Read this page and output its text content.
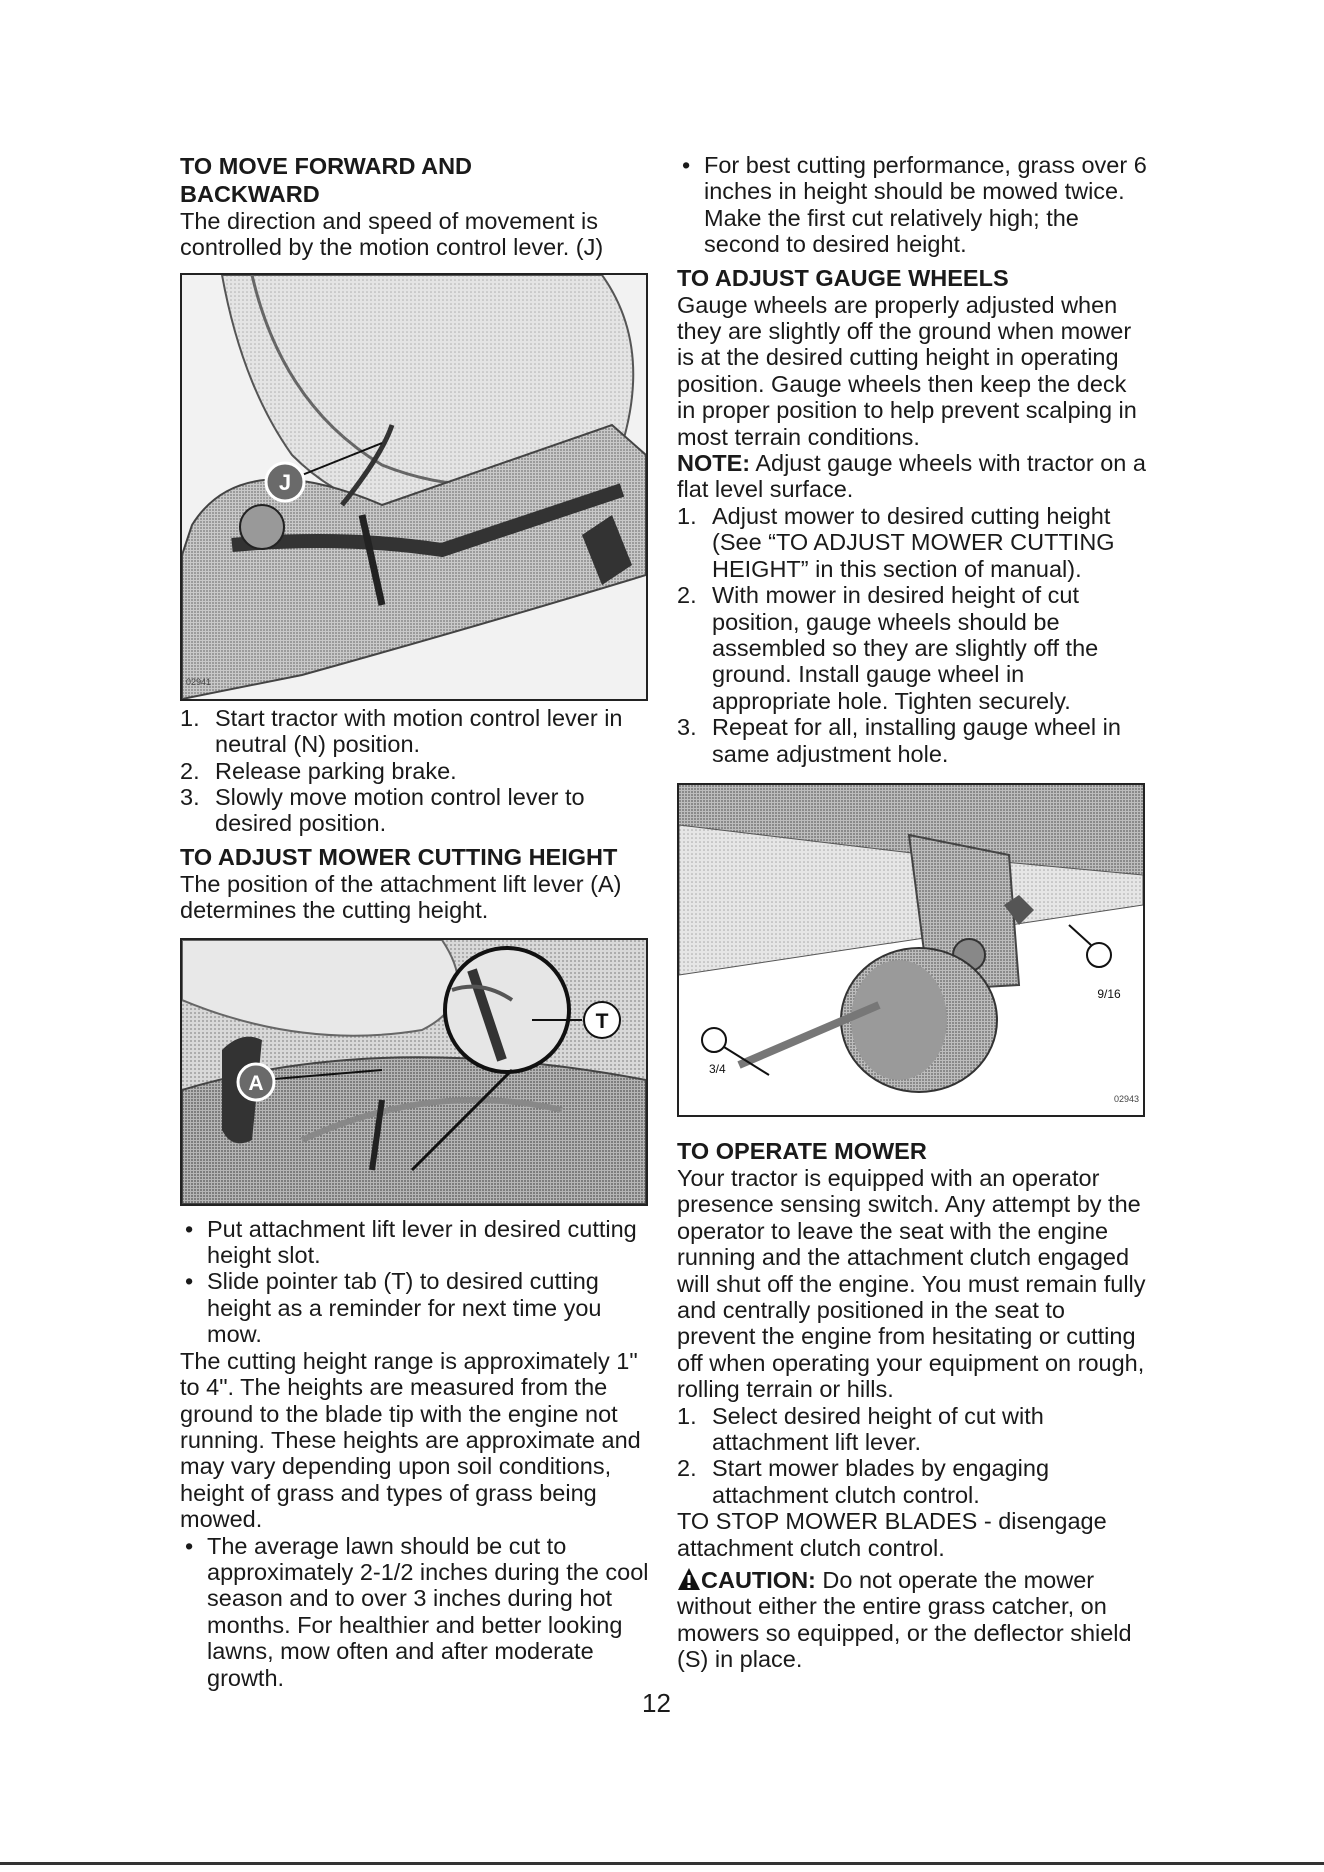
TO MOVE FORWARD AND
BACKWARD

The direction and speed of movement is controlled by the motion control lever. (J)

J
02941
1. Start tractor with motion control lever in neutral (N) position.
2. Release parking brake.
3. Slowly move motion control lever to desired position.
TO ADJUST MOWER CUTTING HEIGHT

The position of the attachment lift lever (A) determines the cutting height.

T
A
• Put attachment lift lever in desired cutting height slot.
• Slide pointer tab (T) to desired cutting height as a reminder for next time you mow.

The cutting height range is approximately 1" to 4". The heights are measured from the ground to the blade tip with the engine not running. These heights are approximate and may vary depending upon soil conditions, height of grass and types of grass being mowed.

• The average lawn should be cut to approximately 2-1/2 inches during the cool season and to over 3 inches during hot months. For healthier and better looking lawns, mow often and after moderate growth.
• For best cutting performance, grass over 6 inches in height should be mowed twice. Make the first cut relatively high; the second to desired height.
TO ADJUST GAUGE WHEELS

Gauge wheels are properly adjusted when they are slightly off the ground when mower is at the desired cutting height in operating position. Gauge wheels then keep the deck in proper position to help prevent scalping in most terrain conditions.

NOTE: Adjust gauge wheels with tractor on a flat level surface.

1. Adjust mower to desired cutting height (See “TO ADJUST MOWER CUTTING HEIGHT” in this section of manual).
2. With mower in desired height of cut position, gauge wheels should be assembled so they are slightly off the ground. Install gauge wheel in appropriate hole. Tighten securely.
3. Repeat for all, installing gauge wheel in same adjustment hole.
9/16
3/4
02943
TO OPERATE MOWER

Your tractor is equipped with an operator presence sensing switch. Any attempt by the operator to leave the seat with the engine running and the attachment clutch engaged will shut off the engine. You must remain fully and centrally positioned in the seat to prevent the engine from hesitating or cutting off when operating your equipment on rough, rolling terrain or hills.

1. Select desired height of cut with attachment lift lever.
2. Start mower blades by engaging attachment clutch control.

TO STOP MOWER BLADES - disengage attachment clutch control.

CAUTION: Do not operate the mower without either the entire grass catcher, on mowers so equipped, or the deflector shield (S) in place.

12
